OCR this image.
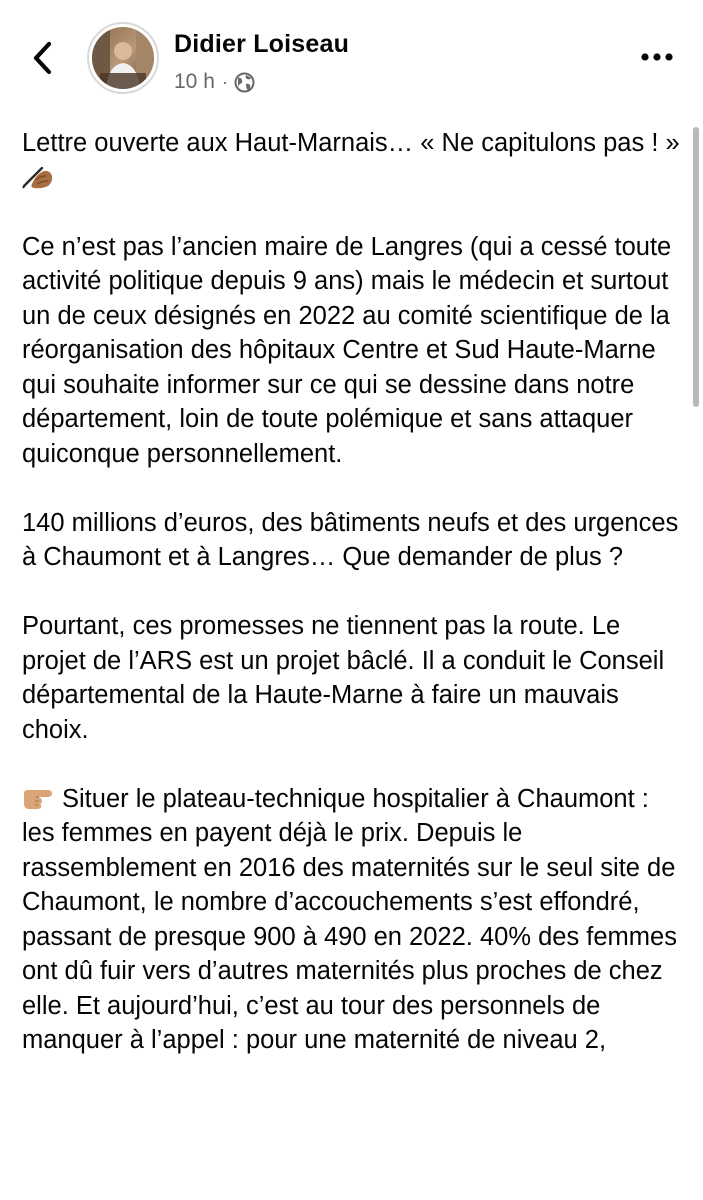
Didier Loiseau
10 h ·

Lettre ouverte aux Haut-Marnais… « Ne capitulons pas ! »

Ce n’est pas l’ancien maire de Langres (qui a cessé toute activité politique depuis 9 ans) mais le médecin et surtout un de ceux désignés en 2022 au comité scientifique de la réorganisation des hôpitaux Centre et Sud Haute-Marne qui souhaite informer sur ce qui se dessine dans notre département, loin de toute polémique et sans attaquer quiconque personnellement.

140 millions d’euros, des bâtiments neufs et des urgences à Chaumont et à Langres… Que demander de plus ?

Pourtant, ces promesses ne tiennent pas la route. Le projet de l’ARS est un projet bâclé. Il a conduit le Conseil départemental de la Haute-Marne à faire un mauvais choix.

Situer le plateau-technique hospitalier à Chaumont : les femmes en payent déjà le prix. Depuis le rassemblement en 2016 des maternités sur le seul site de Chaumont, le nombre d’accouchements s’est effondré, passant de presque 900 à 490 en 2022. 40% des femmes ont dû fuir vers d’autres maternités plus proches de chez elle. Et aujourd’hui, c’est au tour des personnels de manquer à l’appel : pour une maternité de niveau 2,
